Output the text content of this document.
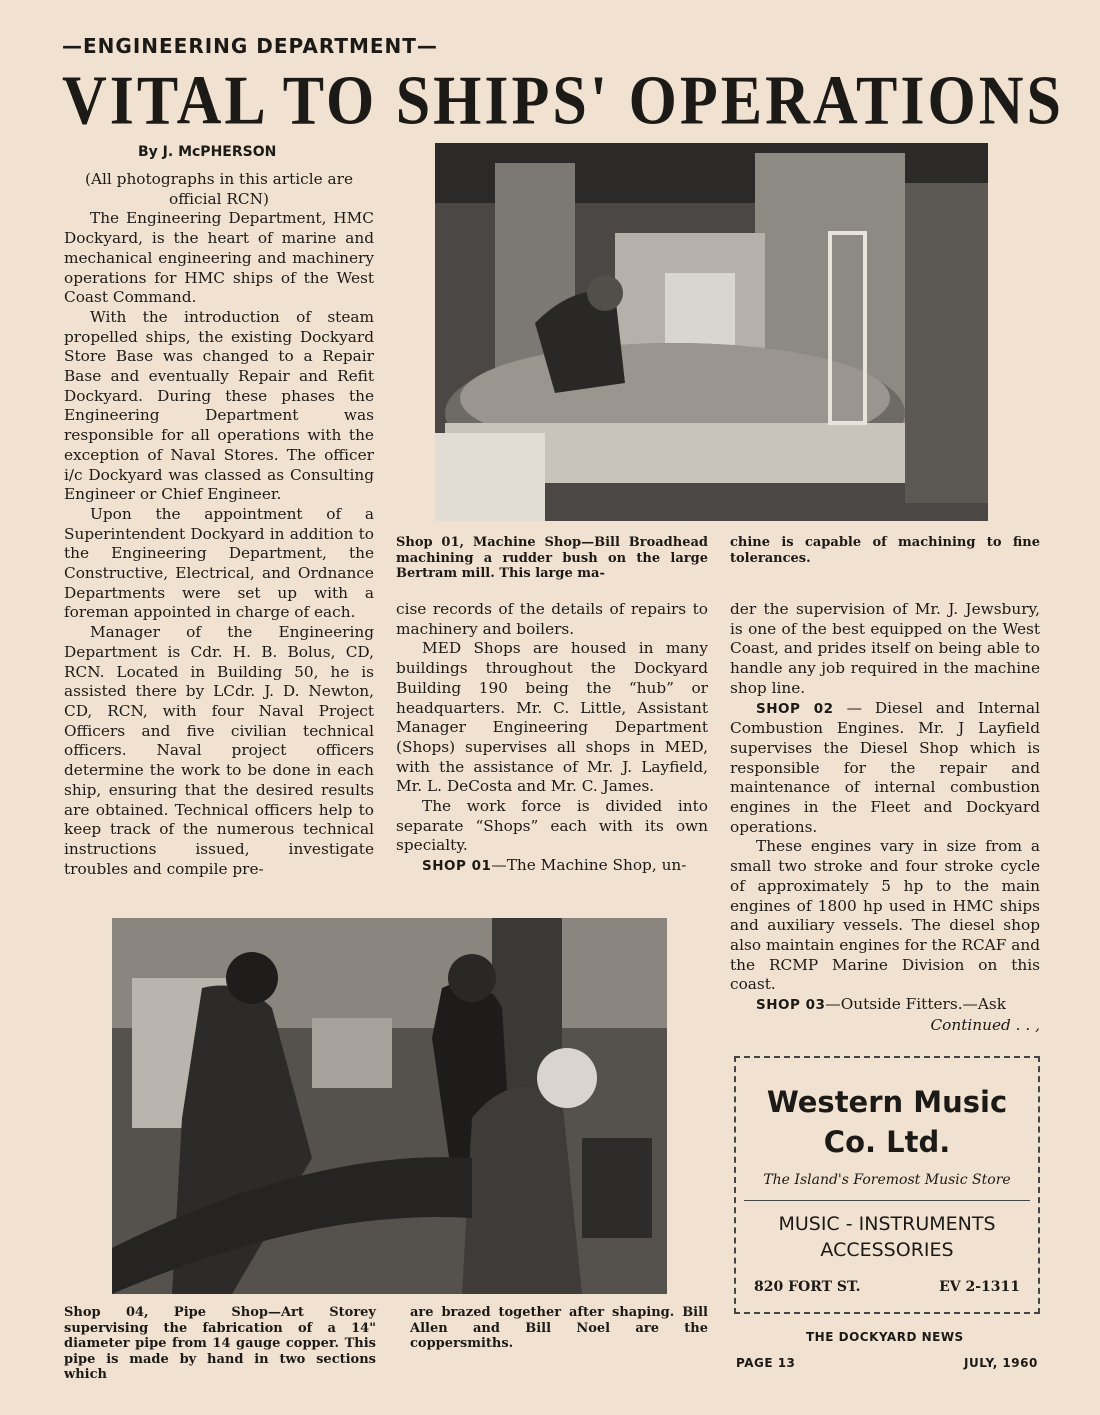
—ENGINEERING DEPARTMENT—
VITAL TO SHIPS' OPERATIONS
By J. McPHERSON

(All photographs in this article are official RCN)

The Engineering Department, HMC Dockyard, is the heart of marine and mechanical engineering and machinery operations for HMC ships of the West Coast Command.

With the introduction of steam propelled ships, the existing Dockyard Store Base was changed to a Repair Base and eventually Repair and Refit Dockyard. During these phases the Engineering Department was responsible for all operations with the exception of Naval Stores. The officer i/c Dockyard was classed as Consulting Engineer or Chief Engineer.

Upon the appointment of a Superintendent Dockyard in addition to the Engineering Department, the Constructive, Electrical, and Ordnance Departments were set up with a foreman appointed in charge of each.

Manager of the Engineering Department is Cdr. H. B. Bolus, CD, RCN. Located in Building 50, he is assisted there by LCdr. J. D. Newton, CD, RCN, with four Naval Project Officers and five civilian technical officers. Naval project officers determine the work to be done in each ship, ensuring that the desired results are obtained. Technical officers help to keep track of the numerous technical instructions issued, investigate troubles and compile pre-

Shop 01, Machine Shop—Bill Broadhead machining a rudder bush on the large Bertram mill. This large ma-
chine is capable of machining to fine tolerances.

cise records of the details of repairs to machinery and boilers.

MED Shops are housed in many buildings throughout the Dockyard Building 190 being the “hub” or headquarters. Mr. C. Little, Assistant Manager Engineering Department (Shops) supervises all shops in MED, with the assistance of Mr. J. Layfield, Mr. L. DeCosta and Mr. C. James.

The work force is divided into separate “Shops” each with its own specialty.

SHOP 01—The Machine Shop, un-

der the supervision of Mr. J. Jewsbury, is one of the best equipped on the West Coast, and prides itself on being able to handle any job required in the machine shop line.

SHOP 02 — Diesel and Internal Combustion Engines. Mr. J Layfield supervises the Diesel Shop which is responsible for the repair and maintenance of internal combustion engines in the Fleet and Dockyard operations.

These engines vary in size from a small two stroke and four stroke cycle of approximately 5 hp to the main engines of 1800 hp used in HMC ships and auxiliary vessels. The diesel shop also maintain engines for the RCAF and the RCMP Marine Division on this coast.

SHOP 03—Outside Fitters.—Ask

Continued . . ,

Shop 04, Pipe Shop—Art Storey supervising the fabrication of a 14" diameter pipe from 14 gauge copper. This pipe is made by hand in two sections which
are brazed together after shaping. Bill Allen and Bill Noel are the coppersmiths.
Western Music
Co. Ltd.
The Island's Foremost Music Store
MUSIC - INSTRUMENTS
ACCESSORIES
820 FORT ST.	EV 2-1311
THE DOCKYARD NEWS
PAGE 13	JULY, 1960
